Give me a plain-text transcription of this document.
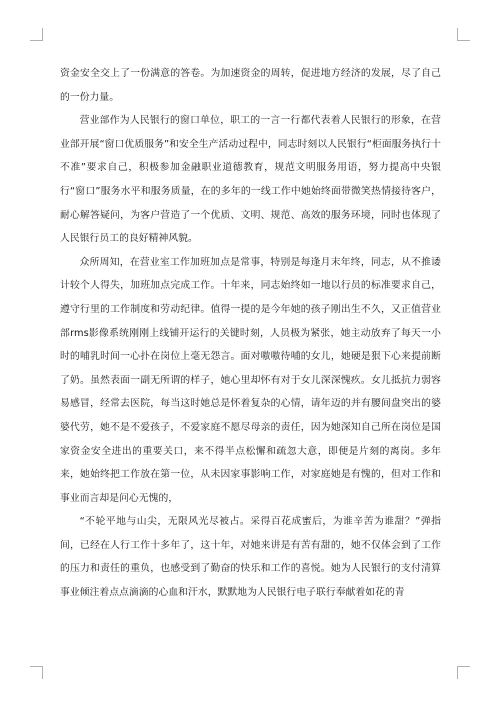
资金安全交上了一份满意的答卷。为加速资金的周转，促进地方经济的发展，尽了自己的一份力量。

营业部作为人民银行的窗口单位，职工的一言一行都代表着人民银行的形象，在营业部开展“窗口优质服务”和安全生产活动过程中，同志时刻以人民银行“柜面服务执行十不准”要求自己，积极参加金融职业道德教育，规范文明服务用语，努力提高中央银行“窗口”服务水平和服务质量，在的多年的一线工作中她始终面带微笑热情接待客户，耐心解答疑问，为客户营造了一个优质、文明、规范、高效的服务环境，同时也体现了人民银行员工的良好精神风貌。

众所周知，在营业室工作加班加点是常事，特别是每逢月末年终，同志，从不推诿计较个人得失，加班加点完成工作。十年来，同志始终如一地以行员的标准要求自己，遵守行里的工作制度和劳动纪律。值得一提的是今年她的孩子刚出生不久，又正值营业部rms影像系统刚刚上线铺开运行的关键时刻，人员极为紧张，她主动放弃了每天一小时的哺乳时间一心扑在岗位上毫无怨言。面对嗷嗷待哺的女儿，她硬是狠下心来提前断了奶。虽然表面一副无所谓的样子，她心里却怀有对于女儿深深愧疚。女儿抵抗力弱容易感冒，经常去医院，每当这时她总是怀着复杂的心情，请年迈的并有腰间盘突出的婆婆代劳，她不是不爱孩子，不爱家庭不愿尽母亲的责任，因为她深知自己所在岗位是国家资金安全进出的重要关口，来不得半点松懈和疏忽大意，即便是片刻的离岗。多年来，她始终把工作放在第一位，从未因家事影响工作，对家庭她是有愧的，但对工作和事业而言却是问心无愧的，

“不轮平地与山尖，无限风光尽被占。采得百花成蜜后，为谁辛苦为谁甜？”弹指间，已经在人行工作十多年了，这十年，对她来讲是有苦有甜的，她不仅体会到了工作的压力和责任的重负，也感受到了勤奋的快乐和工作的喜悦。她为人民银行的支付清算事业倾注着点点滴滴的心血和汗水，默默地为人民银行电子联行奉献着如花的青
